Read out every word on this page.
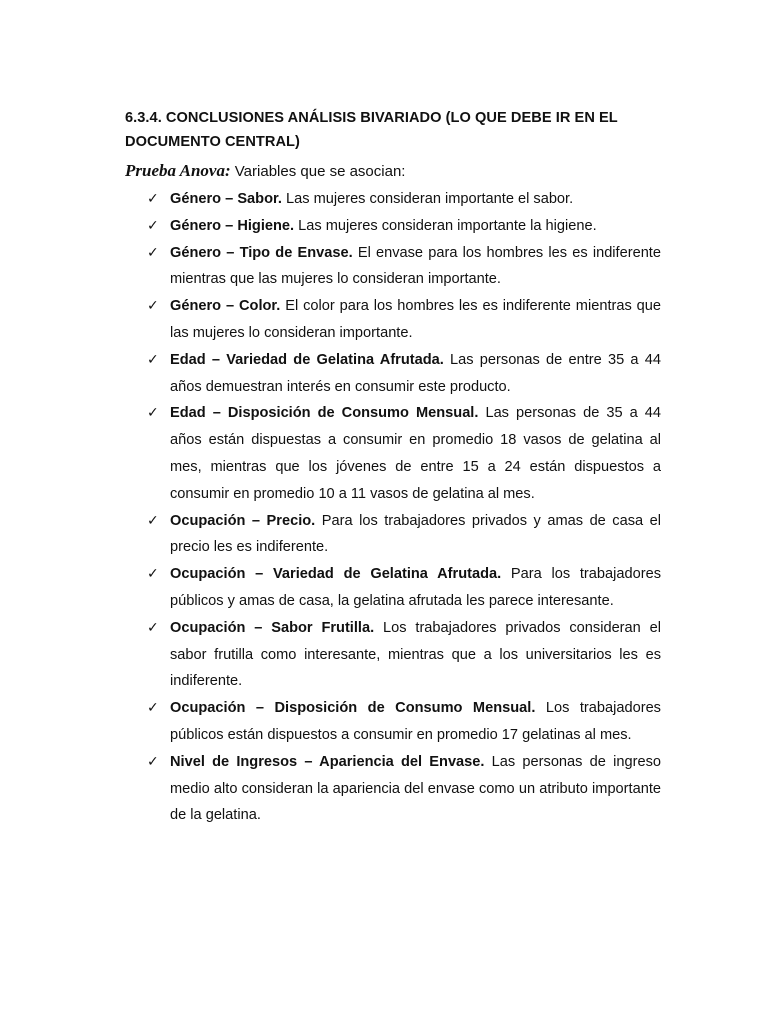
6.3.4. CONCLUSIONES ANÁLISIS BIVARIADO (LO QUE DEBE IR EN EL DOCUMENTO CENTRAL)

Prueba Anova: Variables que se asocian:
✓ Género – Sabor. Las mujeres consideran importante el sabor.
✓ Género – Higiene. Las mujeres consideran importante la higiene.
✓ Género – Tipo de Envase. El envase para los hombres les es indiferente mientras que las mujeres lo consideran importante.
✓ Género – Color. El color para los hombres les es indiferente mientras que las mujeres lo consideran importante.
✓ Edad – Variedad de Gelatina Afrutada. Las personas de entre 35 a 44 años demuestran interés en consumir este producto.
✓ Edad – Disposición de Consumo Mensual. Las personas de 35 a 44 años están dispuestas a consumir en promedio 18 vasos de gelatina al mes, mientras que los jóvenes de entre 15 a 24 están dispuestos a consumir en promedio 10 a 11 vasos de gelatina al mes.
✓ Ocupación – Precio. Para los trabajadores privados y amas de casa el precio les es indiferente.
✓ Ocupación – Variedad de Gelatina Afrutada. Para los trabajadores públicos y amas de casa, la gelatina afrutada les parece interesante.
✓ Ocupación – Sabor Frutilla. Los trabajadores privados consideran el sabor frutilla como interesante, mientras que a los universitarios les es indiferente.
✓ Ocupación – Disposición de Consumo Mensual. Los trabajadores públicos están dispuestos a consumir en promedio 17 gelatinas al mes.
✓ Nivel de Ingresos – Apariencia del Envase. Las personas de ingreso medio alto consideran la apariencia del envase como un atributo importante de la gelatina.
